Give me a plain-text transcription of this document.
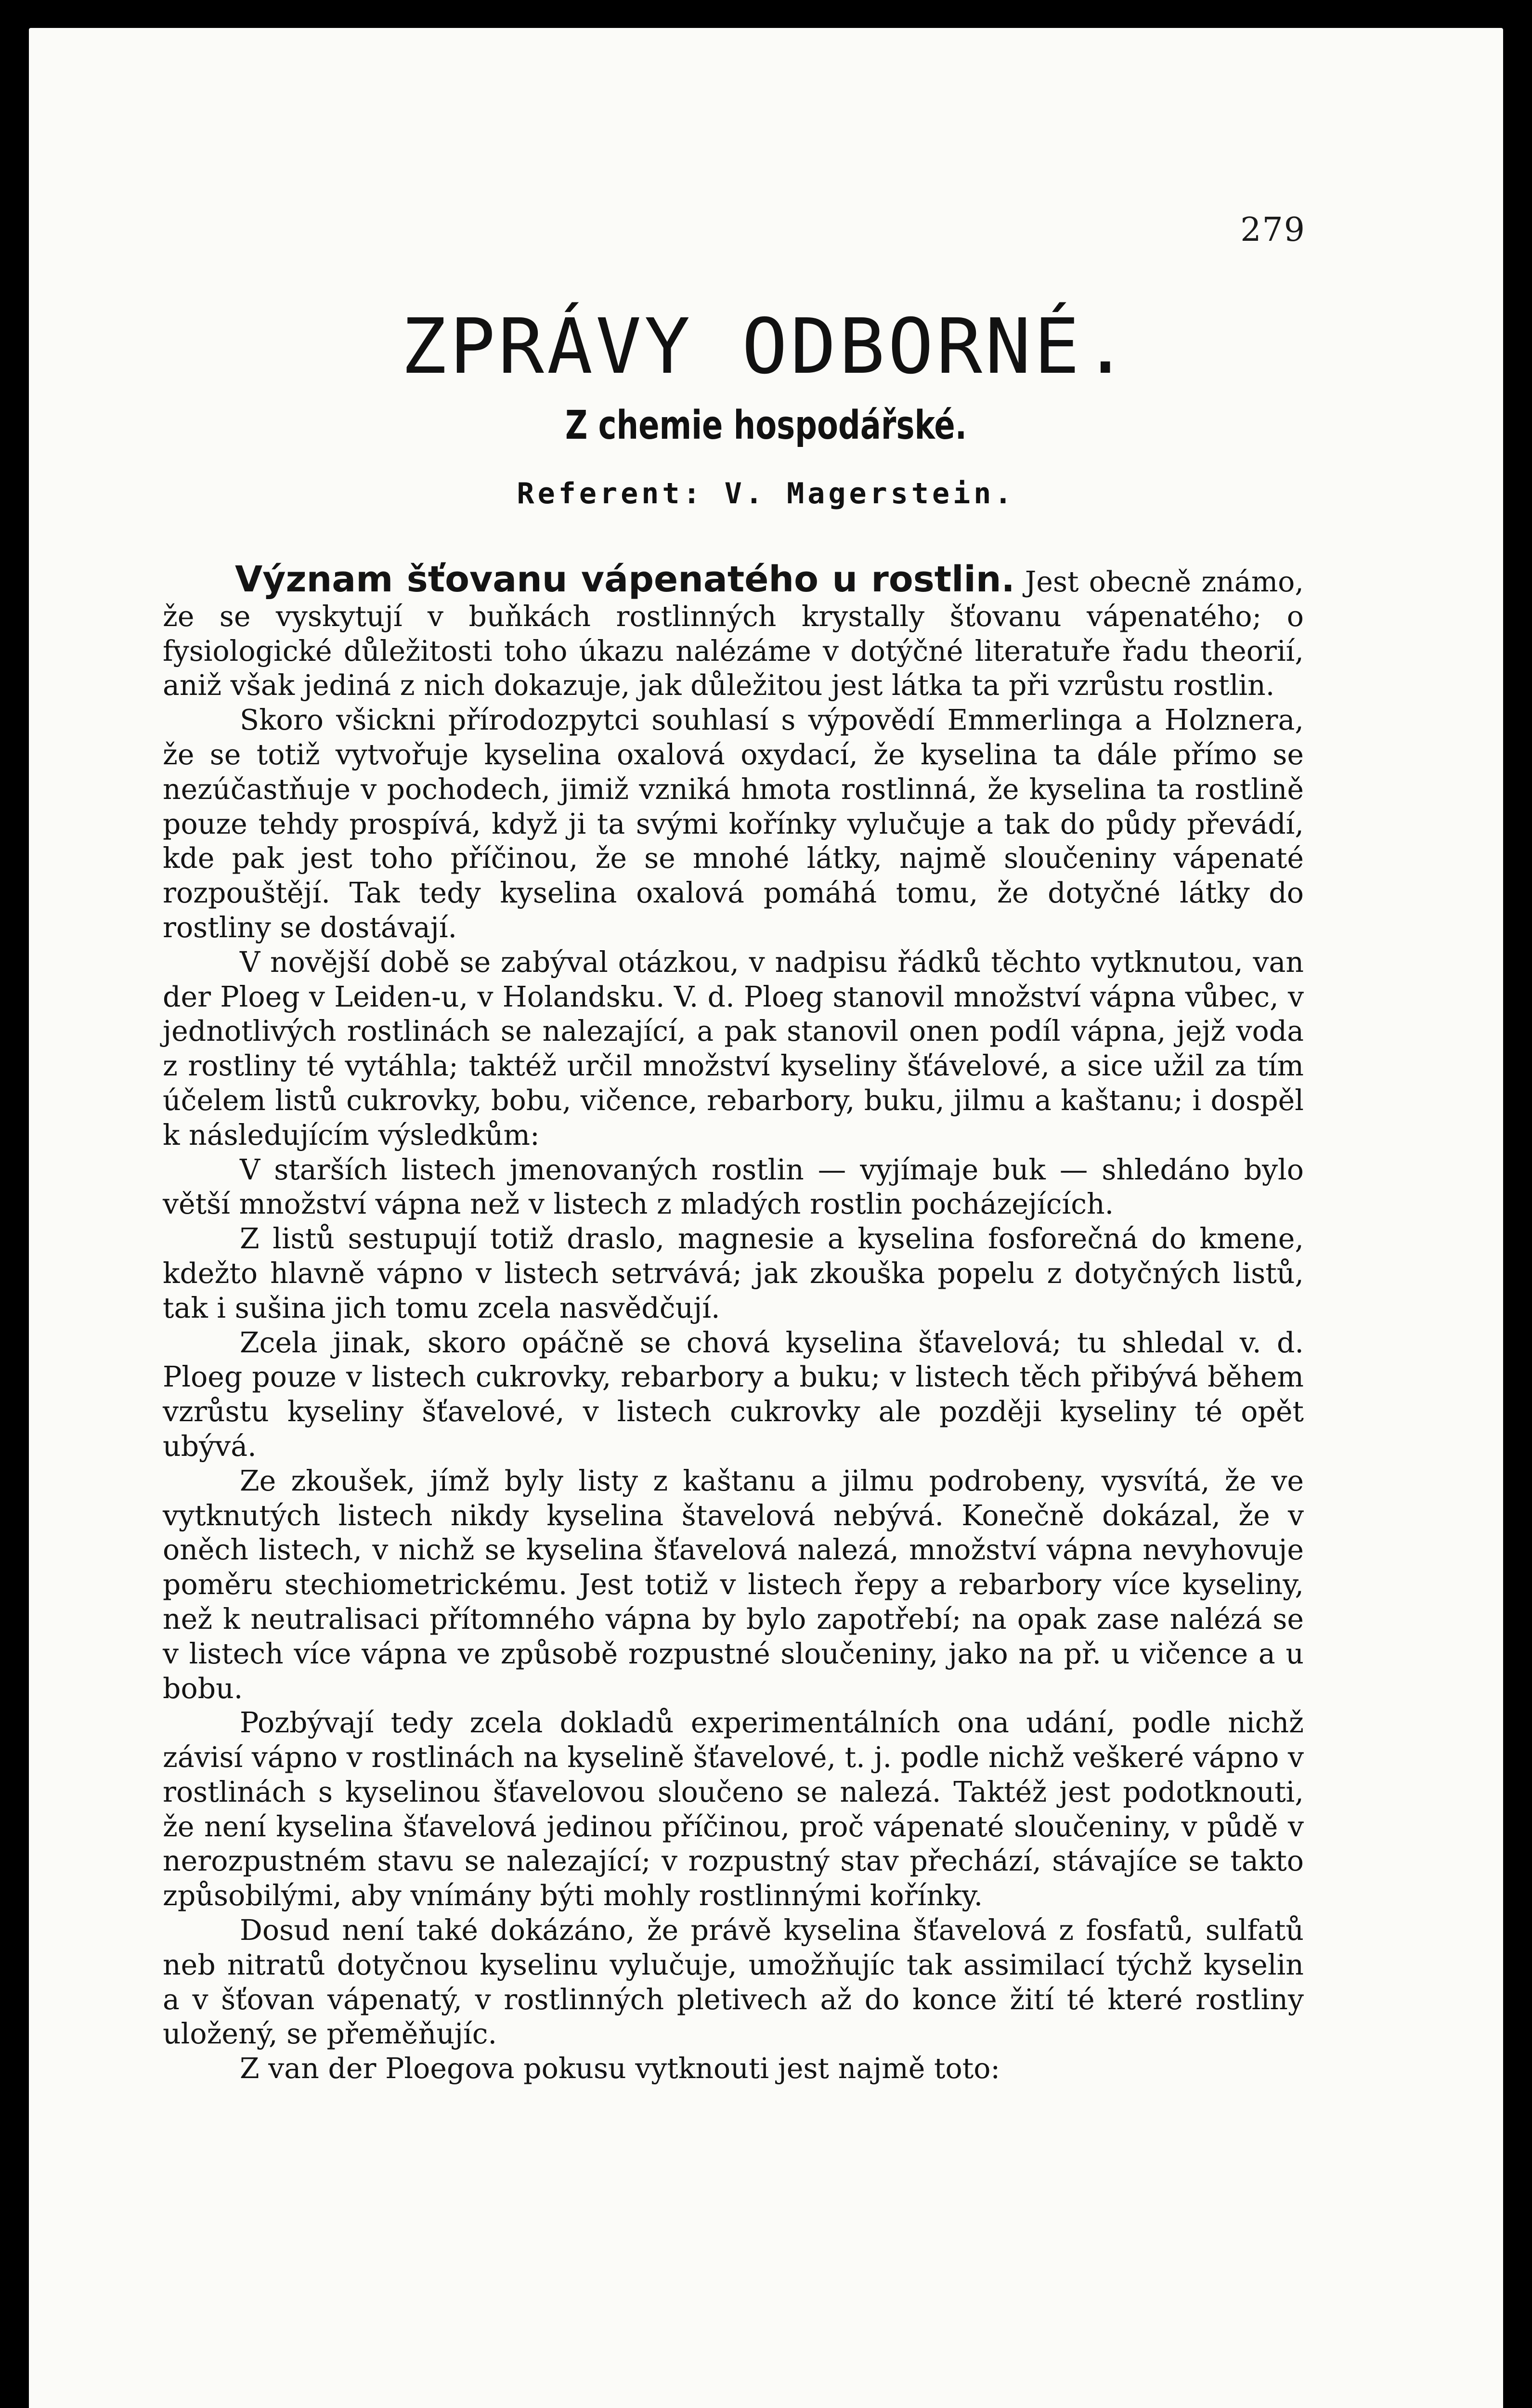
279
ZPRÁVY ODBORNÉ.
Z chemie hospodářské.
Referent: V. Magerstein.

Význam šťovanu vápenatého u rostlin. Jest obecně známo, že se vyskytují v buňkách rostlinných krystally šťovanu vápenatého; o fysiologické důležitosti toho úkazu nalézáme v dotýčné literatuře řadu theorií, aniž však jediná z nich dokazuje, jak důležitou jest látka ta při vzrůstu rostlin.

Skoro všickni přírodozpytci souhlasí s výpovědí Emmerlinga a Holznera, že se totiž vytvořuje kyselina oxalová oxydací, že kyselina ta dále přímo se nezúčastňuje v pochodech, jimiž vzniká hmota rostlinná, že kyselina ta rostlině pouze tehdy prospívá, když ji ta svými kořínky vylučuje a tak do půdy převádí, kde pak jest toho příčinou, že se mnohé látky, najmě sloučeniny vápenaté rozpouštějí. Tak tedy kyselina oxalová pomáhá tomu, že dotyčné látky do rostliny se dostávají.

V novější době se zabýval otázkou, v nadpisu řádků těchto vytknutou, van der Ploeg v Leiden-u, v Holandsku. V. d. Ploeg stanovil množství vápna vůbec, v jednotlivých rostlinách se nalezající, a pak stanovil onen podíl vápna, jejž voda z rostliny té vytáhla; taktéž určil množství kyseliny šťávelové, a sice užil za tím účelem listů cukrovky, bobu, vičence, rebarbory, buku, jilmu a kaštanu; i dospěl k následujícím výsledkům:

V starších listech jmenovaných rostlin — vyjímaje buk — shledáno bylo větší množství vápna než v listech z mladých rostlin pocházejících.

Z listů sestupují totiž draslo, magnesie a kyselina fosforečná do kmene, kdežto hlavně vápno v listech setrvává; jak zkouška popelu z dotyčných listů, tak i sušina jich tomu zcela nasvědčují.

Zcela jinak, skoro opáčně se chová kyselina šťavelová; tu shledal v. d. Ploeg pouze v listech cukrovky, rebarbory a buku; v listech těch přibývá během vzrůstu kyseliny šťavelové, v listech cukrovky ale později kyseliny té opět ubývá.

Ze zkoušek, jímž byly listy z kaštanu a jilmu podrobeny, vysvítá, že ve vytknutých listech nikdy kyselina štavelová nebývá. Konečně dokázal, že v oněch listech, v nichž se kyselina šťavelová nalezá, množství vápna nevyhovuje poměru stechiometrickému. Jest totiž v listech řepy a rebarbory více kyseliny, než k neutralisaci přítomného vápna by bylo zapotřebí; na opak zase nalézá se v listech více vápna ve způsobě rozpustné sloučeniny, jako na př. u vičence a u bobu.

Pozbývají tedy zcela dokladů experimentálních ona udání, podle nichž závisí vápno v rostlinách na kyselině šťavelové, t. j. podle nichž veškeré vápno v rostlinách s kyselinou šťavelovou sloučeno se nalezá. Taktéž jest podotknouti, že není kyselina šťavelová jedinou příčinou, proč vápenaté sloučeniny, v půdě v nerozpustném stavu se nalezající; v rozpustný stav přechází, stávajíce se takto způsobilými, aby vnímány býti mohly rostlinnými kořínky.

Dosud není také dokázáno, že právě kyselina šťavelová z fosfatů, sulfatů neb nitratů dotyčnou kyselinu vylučuje, umožňujíc tak assimilací týchž kyselin a v šťovan vápenatý, v rostlinných pletivech až do konce žití té které rostliny uložený, se přeměňujíc.

Z van der Ploegova pokusu vytknouti jest najmě toto:
